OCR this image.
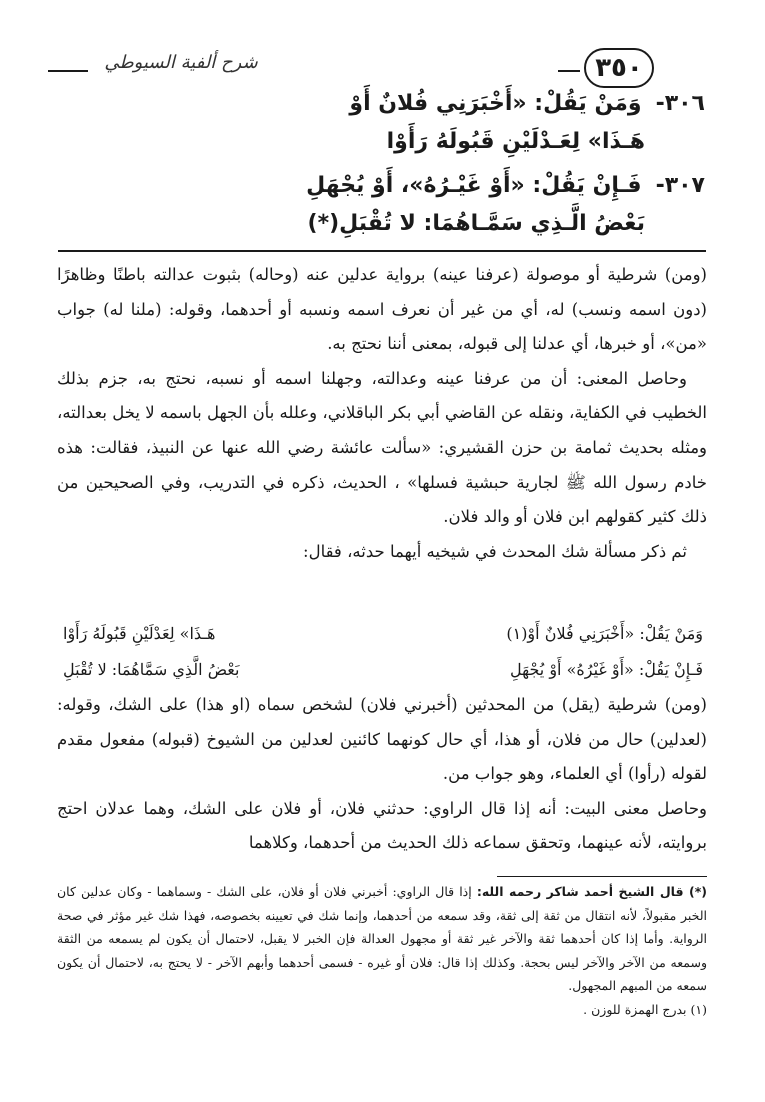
٣٥٠
شرح ألفية السيوطي
٣٠٦-وَمَنْ يَقُلْ: «أَخْبَرَنِي فُلانٌ أَوْ
هَـذَا» لِعَـدْلَيْنِ قَبُولَهُ رَأَوْا
٣٠٧-فَـإِنْ يَقُلْ: «أَوْ غَيْـرُهُ»، أَوْ يُجْهَلِ
بَعْضُ الَّـذِي سَمَّـاهُمَا: لا تُقْبَلِ(*)

(ومن) شرطية أو موصولة (عرفنا عينه) برواية عدلين عنه (وحاله) بثبوت عدالته باطنًا وظاهرًا (دون اسمه ونسب) له، أي من غير أن نعرف اسمه ونسبه أو أحدهما، وقوله: (ملنا له) جواب «من»، أو خبرها، أي عدلنا إلى قبوله، بمعنى أننا نحتج به.

وحاصل المعنى: أن من عرفنا عينه وعدالته، وجهلنا اسمه أو نسبه، نحتج به، جزم بذلك الخطيب في الكفاية، ونقله عن القاضي أبي بكر الباقلاني، وعلله بأن الجهل باسمه لا يخل بعدالته، ومثله بحديث ثمامة بن حزن القشيري: «سألت عائشة رضي الله عنها عن النبيذ، فقالت: هذه خادم رسول الله ﷺ لجارية حبشية فسلها» ، الحديث، ذكره في التدريب، وفي الصحيحين من ذلك كثير كقولهم ابن فلان أو والد فلان.

ثم ذكر مسألة شك المحدث في شيخيه أيهما حدثه، فقال:

وَمَنْ يَقُلْ: «أَخْبَرَنِي فُلانٌ أَوْ(١)
هَـذَا» لِعَدْلَيْنِ قَبُولَهُ رَأَوْا
فَـإِنْ يَقُلْ: «أَوْ غَيْرُهُ» أَوْ يُجْهَلِ
بَعْضُ الَّذِي سَمَّاهُمَا: لا تُقْبَلِ

(ومن) شرطية (يقل) من المحدثين (أخبرني فلان) لشخص سماه (او هذا) على الشك، وقوله: (لعدلين) حال من فلان، أو هذا، أي حال كونهما كائنين لعدلين من الشيوخ (قبوله) مفعول مقدم لقوله (رأوا) أي العلماء، وهو جواب من.

وحاصل معنى البيت: أنه إذا قال الراوي: حدثني فلان، أو فلان على الشك، وهما عدلان احتج بروايته، لأنه عينهما، وتحقق سماعه ذلك الحديث من أحدهما، وكلاهما

(*) قال الشيخ أحمد شاكر رحمه الله: إذا قال الراوي: أخبرني فلان أو فلان، على الشك - وسماهما - وكان عدلين كان الخبر مقبولاً، لأنه انتقال من ثقة إلى ثقة، وقد سمعه من أحدهما، وإنما شك في تعيينه بخصوصه، فهذا شك غير مؤثر في صحة الرواية. وأما إذا كان أحدهما ثقة والآخر غير ثقة أو مجهول العدالة فإن الخبر لا يقبل، لاحتمال أن يكون لم يسمعه من الثقة وسمعه من الآخر والآخر ليس بحجة. وكذلك إذا قال: فلان أو غيره - فسمى أحدهما وأبهم الآخر - لا يحتج به، لاحتمال أن يكون سمعه من المبهم المجهول.

(١) بدرج الهمزة للوزن .
